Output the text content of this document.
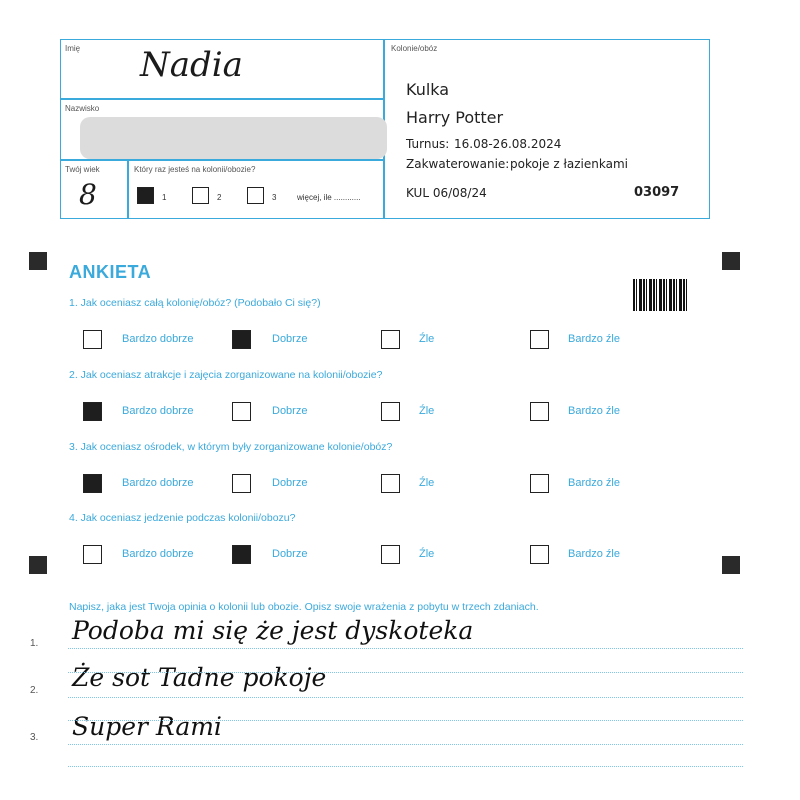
Imię Nadia
Nazwisko
Twój wiek
8
Który raz jesteś na kolonii/obozie?
1	2	3	więcej, ile ............
Kolonie/obóz
Kulka
Harry Potter
Turnus: 16.08-26.08.2024
Zakwaterowanie: pokoje z łazienkami
KUL 06/08/24	03097
ANKIETA
1. Jak oceniasz całą kolonię/obóz? (Podobało Ci się?)
Bardzo dobrze	Dobrze	Źle	Bardzo źle
2. Jak oceniasz atrakcje i zajęcia zorganizowane na kolonii/obozie?
Bardzo dobrze	Dobrze	Źle	Bardzo źle
3. Jak oceniasz ośrodek, w którym były zorganizowane kolonie/obóz?
Bardzo dobrze	Dobrze	Źle	Bardzo źle
4. Jak oceniasz jedzenie podczas kolonii/obozu?
Bardzo dobrze	Dobrze	Źle	Bardzo źle
Napisz, jaka jest Twoja opinia o kolonii lub obozie. Opisz swoje wrażenia z pobytu w trzech zdaniach.
1.
2.
3.
Podoba mi się że jest dyskoteka
Że sot Tadne pokoje
Super Rami
